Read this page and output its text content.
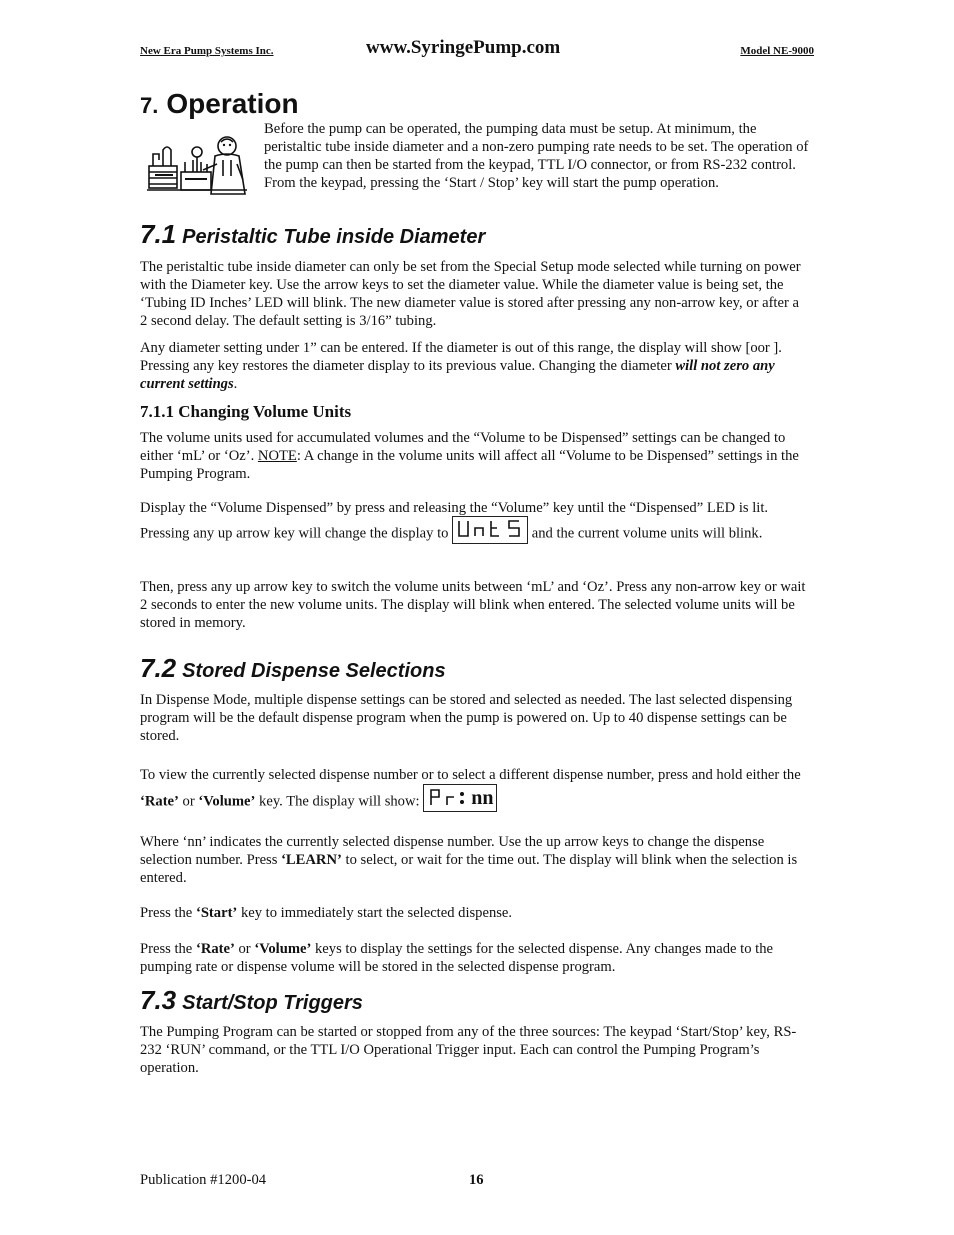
New Era Pump Systems Inc.	www.SyringePump.com	Model NE-9000
7. Operation
Before the pump can be operated, the pumping data must be setup. At minimum, the peristaltic tube inside diameter and a non-zero pumping rate needs to be set. The operation of the pump can then be started from the keypad, TTL I/O connector, or from RS-232 control. From the keypad, pressing the ‘Start / Stop’ key will start the pump operation.
7.1 Peristaltic Tube inside Diameter
The peristaltic tube inside diameter can only be set from the Special Setup mode selected while turning on power with the Diameter key. Use the arrow keys to set the diameter value. While the diameter value is being set, the ‘Tubing ID Inches’ LED will blink. The new diameter value is stored after pressing any non-arrow key, or after a 2 second delay. The default setting is 3/16” tubing.
Any diameter setting under 1” can be entered. If the diameter is out of this range, the display will show [oor ]. Pressing any key restores the diameter display to its previous value. Changing the diameter will not zero any current settings.
7.1.1 Changing Volume Units
The volume units used for accumulated volumes and the “Volume to be Dispensed” settings can be changed to either ‘mL’ or ‘Oz’. NOTE: A change in the volume units will affect all “Volume to be Dispensed” settings in the Pumping Program.
Display the “Volume Dispensed” by press and releasing the “Volume” key until the “Dispensed” LED is lit. Pressing any up arrow key will change the display to	and the current volume units will blink.
Then, press any up arrow key to switch the volume units between ‘mL’ and ‘Oz’. Press any non-arrow key or wait 2 seconds to enter the new volume units. The display will blink when entered. The selected volume units will be stored in memory.
7.2 Stored Dispense Selections
In Dispense Mode, multiple dispense settings can be stored and selected as needed. The last selected dispensing program will be the default dispense program when the pump is powered on. Up to 40 dispense settings can be stored.
To view the currently selected dispense number or to select a different dispense number, press and hold either the ‘Rate’ or ‘Volume’ key. The display will show: nn
Where ‘nn’ indicates the currently selected dispense number. Use the up arrow keys to change the dispense selection number. Press ‘LEARN’ to select, or wait for the time out. The display will blink when the selection is entered.
Press the ‘Start’ key to immediately start the selected dispense.
Press the ‘Rate’ or ‘Volume’ keys to display the settings for the selected dispense. Any changes made to the pumping rate or dispense volume will be stored in the selected dispense program.
7.3 Start/Stop Triggers
The Pumping Program can be started or stopped from any of the three sources: The keypad ‘Start/Stop’ key, RS-232 ‘RUN’ command, or the TTL I/O Operational Trigger input. Each can control the Pumping Program’s operation.
Publication #1200-04	16
